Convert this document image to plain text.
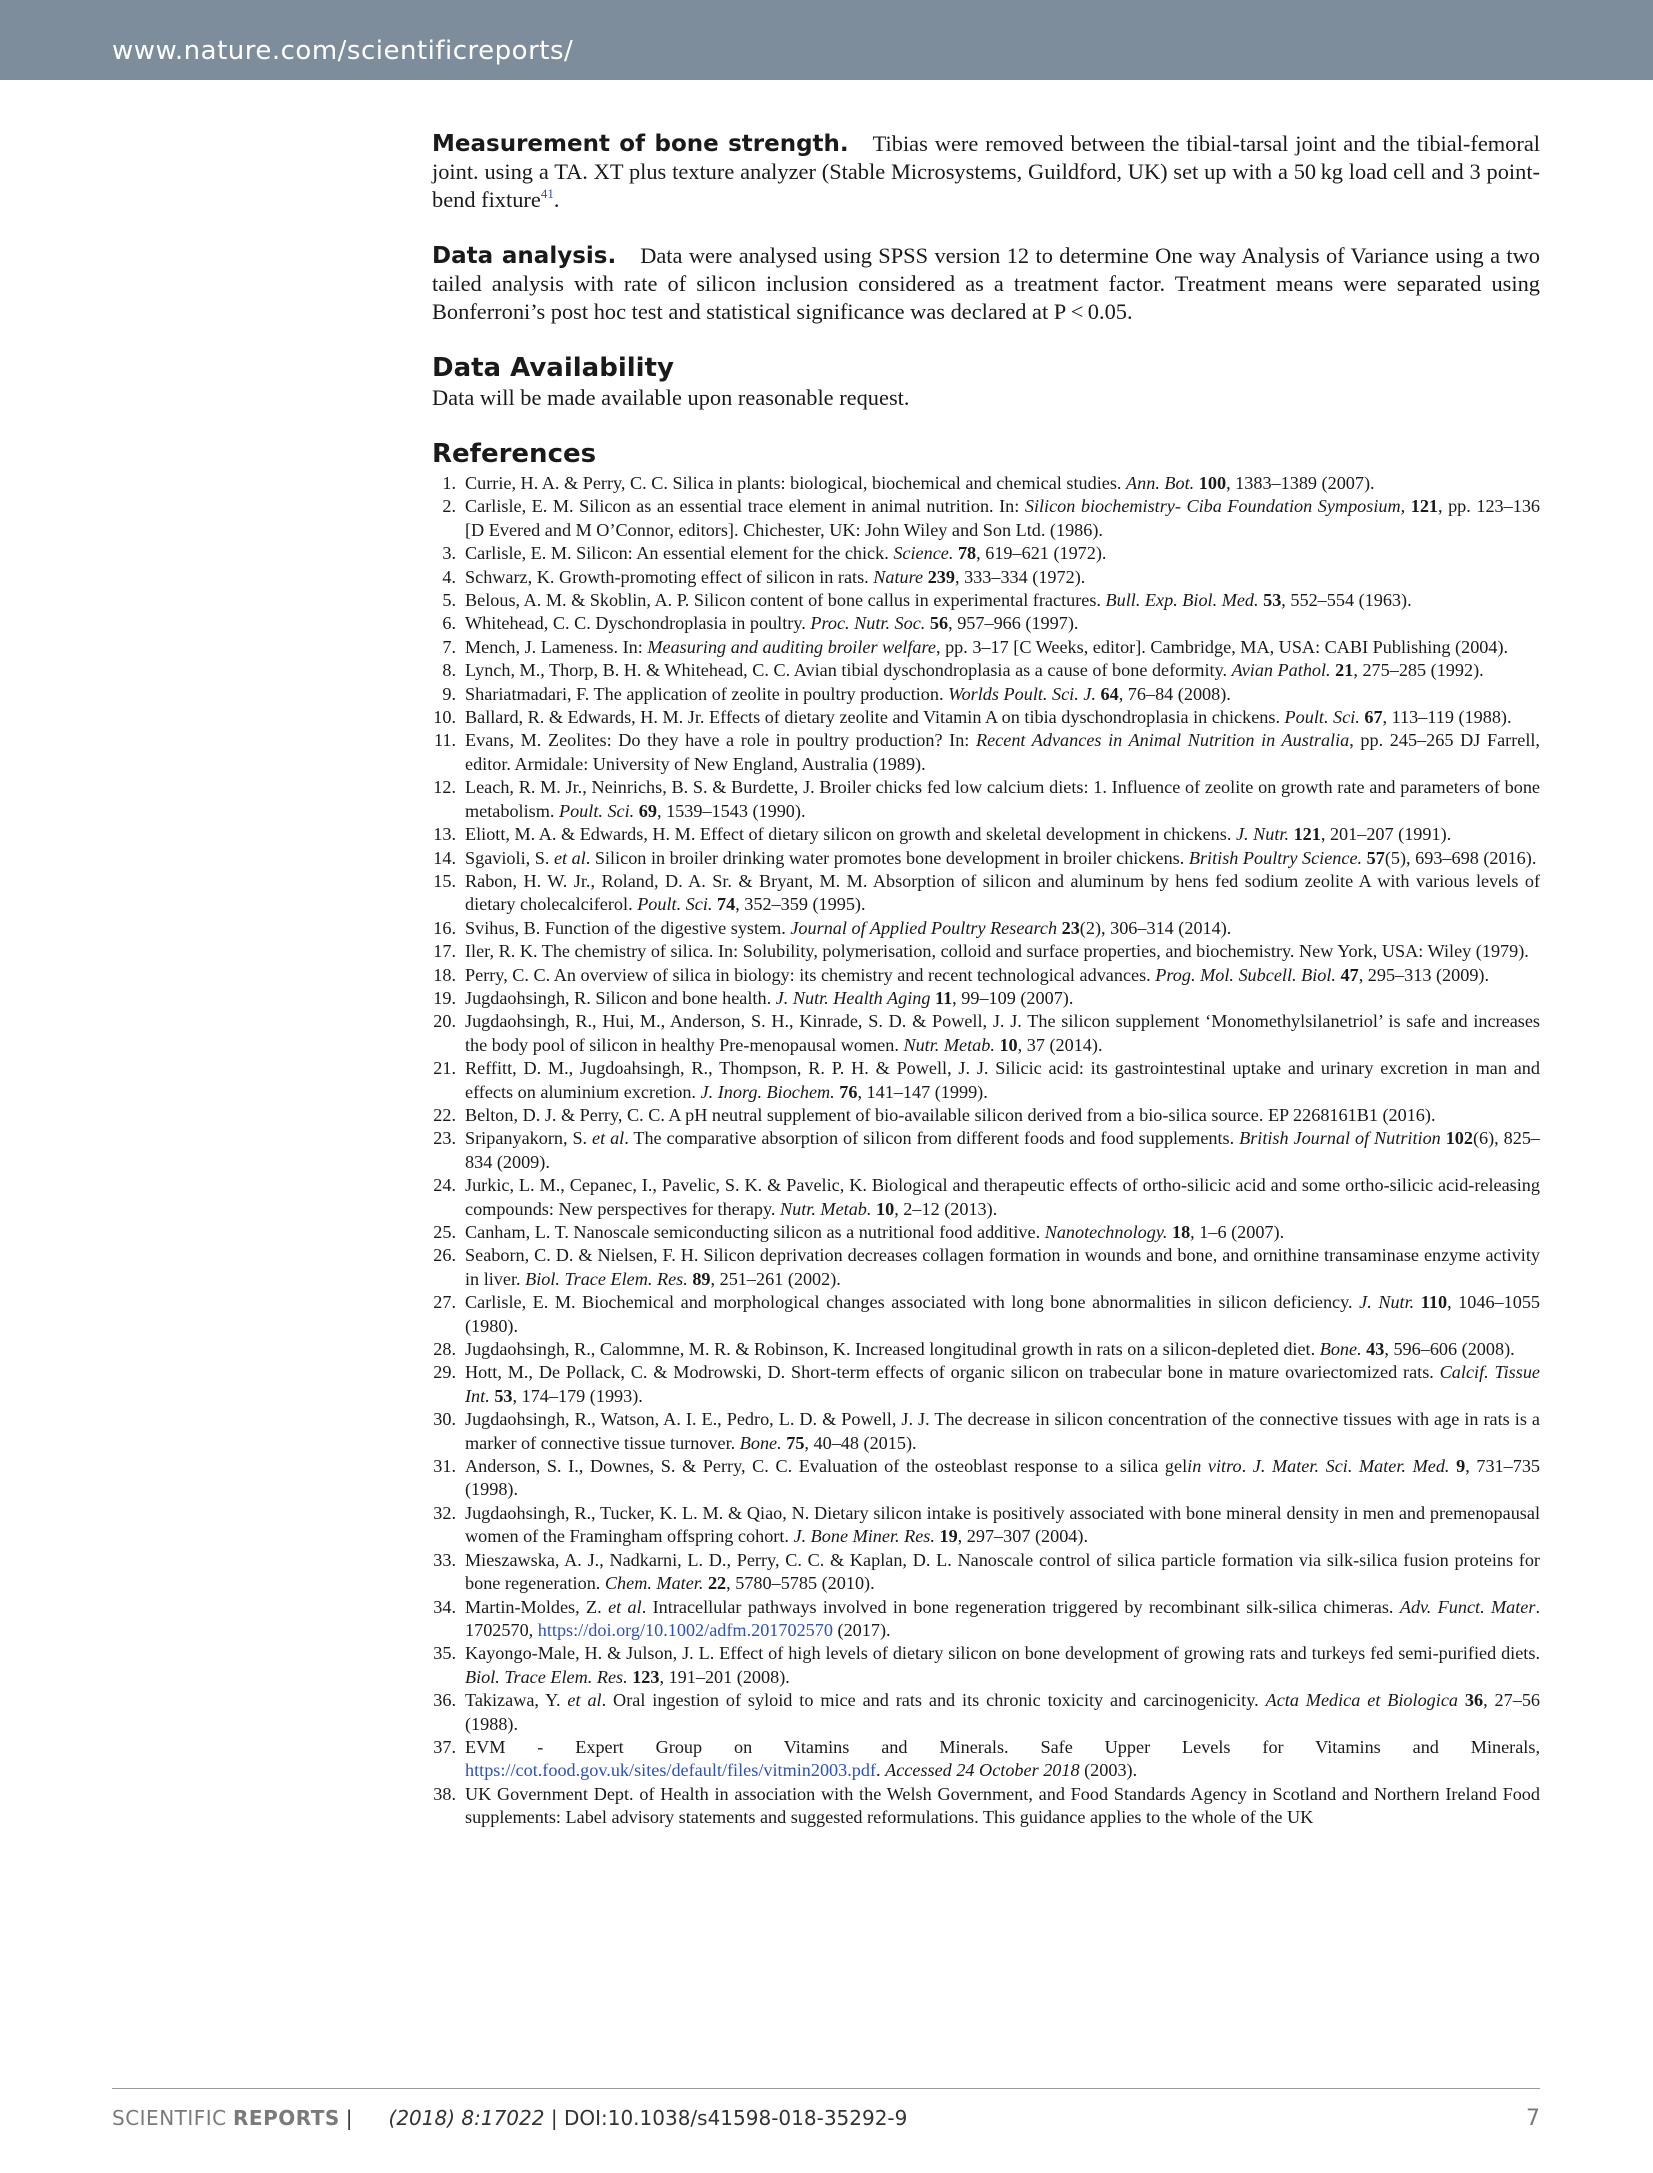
www.nature.com/scientificreports/

Measurement of bone strength. Tibias were removed between the tibial-tarsal joint and the tibial-femoral joint. using a TA. XT plus texture analyzer (Stable Microsystems, Guildford, UK) set up with a 50 kg load cell and 3 point-bend fixture$^{41}$.

Data analysis. Data were analysed using SPSS version 12 to determine One way Analysis of Variance using a two tailed analysis with rate of silicon inclusion considered as a treatment factor. Treatment means were separated using Bonferroni’s post hoc test and statistical significance was declared at P < 0.05.

Data Availability

Data will be made available upon reasonable request.

References
1. Currie, H. A. & Perry, C. C. Silica in plants: biological, biochemical and chemical studies. Ann. Bot. 100, 1383–1389 (2007).
2. Carlisle, E. M. Silicon as an essential trace element in animal nutrition. In: Silicon biochemistry- Ciba Foundation Symposium, 121, pp. 123–136 [D Evered and M O’Connor, editors]. Chichester, UK: John Wiley and Son Ltd. (1986).
3. Carlisle, E. M. Silicon: An essential element for the chick. Science. 78, 619–621 (1972).
4. Schwarz, K. Growth-promoting effect of silicon in rats. Nature 239, 333–334 (1972).
5. Belous, A. M. & Skoblin, A. P. Silicon content of bone callus in experimental fractures. Bull. Exp. Biol. Med. 53, 552–554 (1963).
6. Whitehead, C. C. Dyschondroplasia in poultry. Proc. Nutr. Soc. 56, 957–966 (1997).
7. Mench, J. Lameness. In: Measuring and auditing broiler welfare, pp. 3–17 [C Weeks, editor]. Cambridge, MA, USA: CABI Publishing (2004).
8. Lynch, M., Thorp, B. H. & Whitehead, C. C. Avian tibial dyschondroplasia as a cause of bone deformity. Avian Pathol. 21, 275–285 (1992).
9. Shariatmadari, F. The application of zeolite in poultry production. Worlds Poult. Sci. J. 64, 76–84 (2008).
10. Ballard, R. & Edwards, H. M. Jr. Effects of dietary zeolite and Vitamin A on tibia dyschondroplasia in chickens. Poult. Sci. 67, 113–119 (1988).
11. Evans, M. Zeolites: Do they have a role in poultry production? In: Recent Advances in Animal Nutrition in Australia, pp. 245–265 DJ Farrell, editor. Armidale: University of New England, Australia (1989).
12. Leach, R. M. Jr., Neinrichs, B. S. & Burdette, J. Broiler chicks fed low calcium diets: 1. Influence of zeolite on growth rate and parameters of bone metabolism. Poult. Sci. 69, 1539–1543 (1990).
13. Eliott, M. A. & Edwards, H. M. Effect of dietary silicon on growth and skeletal development in chickens. J. Nutr. 121, 201–207 (1991).
14. Sgavioli, S. et al. Silicon in broiler drinking water promotes bone development in broiler chickens. British Poultry Science. 57(5), 693–698 (2016).
15. Rabon, H. W. Jr., Roland, D. A. Sr. & Bryant, M. M. Absorption of silicon and aluminum by hens fed sodium zeolite A with various levels of dietary cholecalciferol. Poult. Sci. 74, 352–359 (1995).
16. Svihus, B. Function of the digestive system. Journal of Applied Poultry Research 23(2), 306–314 (2014).
17. Iler, R. K. The chemistry of silica. In: Solubility, polymerisation, colloid and surface properties, and biochemistry. New York, USA: Wiley (1979).
18. Perry, C. C. An overview of silica in biology: its chemistry and recent technological advances. Prog. Mol. Subcell. Biol. 47, 295–313 (2009).
19. Jugdaohsingh, R. Silicon and bone health. J. Nutr. Health Aging 11, 99–109 (2007).
20. Jugdaohsingh, R., Hui, M., Anderson, S. H., Kinrade, S. D. & Powell, J. J. The silicon supplement ‘Monomethylsilanetriol’ is safe and increases the body pool of silicon in healthy Pre-menopausal women. Nutr. Metab. 10, 37 (2014).
21. Reffitt, D. M., Jugdoahsingh, R., Thompson, R. P. H. & Powell, J. J. Silicic acid: its gastrointestinal uptake and urinary excretion in man and effects on aluminium excretion. J. Inorg. Biochem. 76, 141–147 (1999).
22. Belton, D. J. & Perry, C. C. A pH neutral supplement of bio-available silicon derived from a bio-silica source. EP 2268161B1 (2016).
23. Sripanyakorn, S. et al. The comparative absorption of silicon from different foods and food supplements. British Journal of Nutrition 102(6), 825–834 (2009).
24. Jurkic, L. M., Cepanec, I., Pavelic, S. K. & Pavelic, K. Biological and therapeutic effects of ortho-silicic acid and some ortho-silicic acid-releasing compounds: New perspectives for therapy. Nutr. Metab. 10, 2–12 (2013).
25. Canham, L. T. Nanoscale semiconducting silicon as a nutritional food additive. Nanotechnology. 18, 1–6 (2007).
26. Seaborn, C. D. & Nielsen, F. H. Silicon deprivation decreases collagen formation in wounds and bone, and ornithine transaminase enzyme activity in liver. Biol. Trace Elem. Res. 89, 251–261 (2002).
27. Carlisle, E. M. Biochemical and morphological changes associated with long bone abnormalities in silicon deficiency. J. Nutr. 110, 1046–1055 (1980).
28. Jugdaohsingh, R., Calommne, M. R. & Robinson, K. Increased longitudinal growth in rats on a silicon-depleted diet. Bone. 43, 596–606 (2008).
29. Hott, M., De Pollack, C. & Modrowski, D. Short-term effects of organic silicon on trabecular bone in mature ovariectomized rats. Calcif. Tissue Int. 53, 174–179 (1993).
30. Jugdaohsingh, R., Watson, A. I. E., Pedro, L. D. & Powell, J. J. The decrease in silicon concentration of the connective tissues with age in rats is a marker of connective tissue turnover. Bone. 75, 40–48 (2015).
31. Anderson, S. I., Downes, S. & Perry, C. C. Evaluation of the osteoblast response to a silica gelin vitro. J. Mater. Sci. Mater. Med. 9, 731–735 (1998).
32. Jugdaohsingh, R., Tucker, K. L. M. & Qiao, N. Dietary silicon intake is positively associated with bone mineral density in men and premenopausal women of the Framingham offspring cohort. J. Bone Miner. Res. 19, 297–307 (2004).
33. Mieszawska, A. J., Nadkarni, L. D., Perry, C. C. & Kaplan, D. L. Nanoscale control of silica particle formation via silk-silica fusion proteins for bone regeneration. Chem. Mater. 22, 5780–5785 (2010).
34. Martin-Moldes, Z. et al. Intracellular pathways involved in bone regeneration triggered by recombinant silk-silica chimeras. Adv. Funct. Mater. 1702570, https://doi.org/10.1002/adfm.201702570 (2017).
35. Kayongo-Male, H. & Julson, J. L. Effect of high levels of dietary silicon on bone development of growing rats and turkeys fed semi-purified diets. Biol. Trace Elem. Res. 123, 191–201 (2008).
36. Takizawa, Y. et al. Oral ingestion of syloid to mice and rats and its chronic toxicity and carcinogenicity. Acta Medica et Biologica 36, 27–56 (1988).
37. EVM - Expert Group on Vitamins and Minerals. Safe Upper Levels for Vitamins and Minerals, https://cot.food.gov.uk/sites/default/files/vitmin2003.pdf. Accessed 24 October 2018 (2003).
38. UK Government Dept. of Health in association with the Welsh Government, and Food Standards Agency in Scotland and Northern Ireland Food supplements: Label advisory statements and suggested reformulations. This guidance applies to the whole of the UK
SCIENTIFIC REPORTS | (2018) 8:17022 | DOI:10.1038/s41598-018-35292-9	7
